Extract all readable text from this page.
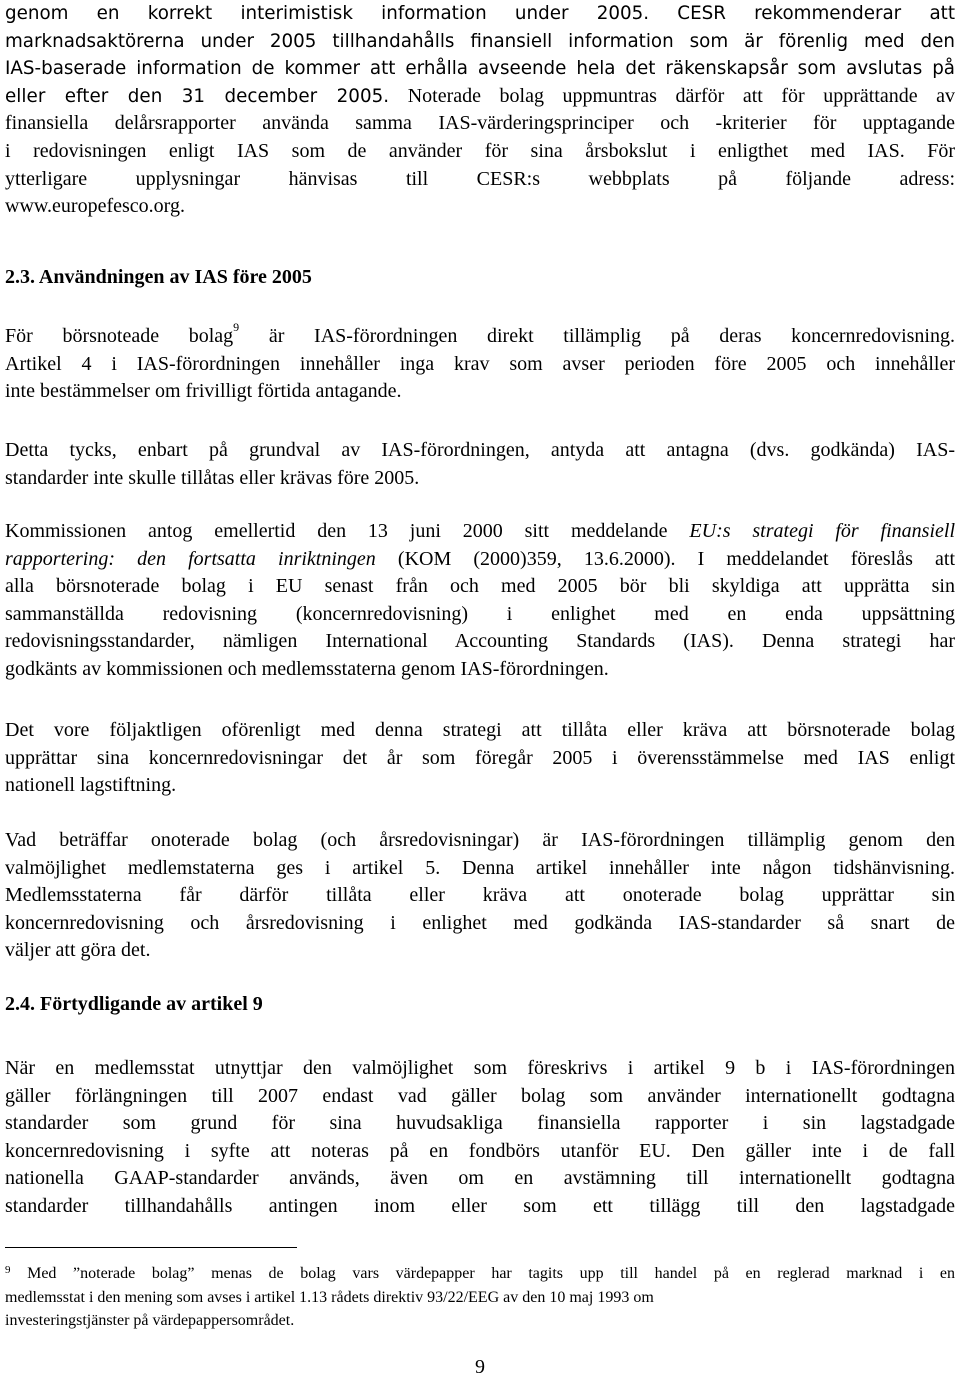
genom en korrekt interimistisk information under 2005. CESR rekommenderar att
marknadsaktörerna under 2005 tillhandahålls finansiell information som är förenlig med den
IAS-baserade information de kommer att erhålla avseende hela det räkenskapsår som avslutas på
eller efter den 31 december 2005. Noterade bolag uppmuntras därför att för upprättande av
finansiella delårsrapporter använda samma IAS-värderingsprinciper och -kriterier för upptagande
i redovisningen enligt IAS som de använder för sina årsbokslut i enligthet med IAS. För
ytterligare upplysningar hänvisas till CESR:s webbplats på följande adress:
www.europefesco.org.
2.3. Användningen av IAS före 2005
För börsnoteade bolag$^9$ är IAS-förordningen direkt tillämplig på deras koncernredovisning.
Artikel 4 i IAS-förordningen innehåller inga krav som avser perioden före 2005 och innehåller
inte bestämmelser om frivilligt förtida antagande.
Detta tycks, enbart på grundval av IAS-förordningen, antyda att antagna (dvs. godkända) IAS-
standarder inte skulle tillåtas eller krävas före 2005.
Kommissionen antog emellertid den 13 juni 2000 sitt meddelande EU:s strategi för finansiell
rapportering: den fortsatta inriktningen (KOM (2000)359, 13.6.2000). I meddelandet föreslås att
alla börsnoterade bolag i EU senast från och med 2005 bör bli skyldiga att upprätta sin
sammanställda redovisning (koncernredovisning) i enlighet med en enda uppsättning
redovisningsstandarder, nämligen International Accounting Standards (IAS). Denna strategi har
godkänts av kommissionen och medlemsstaterna genom IAS-förordningen.
Det vore följaktligen oförenligt med denna strategi att tillåta eller kräva att börsnoterade bolag
upprättar sina koncernredovisningar det år som föregår 2005 i överensstämmelse med IAS enligt
nationell lagstiftning.
Vad beträffar onoterade bolag (och årsredovisningar) är IAS-förordningen tillämplig genom den
valmöjlighet medlemstaterna ges i artikel 5. Denna artikel innehåller inte någon tidshänvisning.
Medlemsstaterna får därför tillåta eller kräva att onoterade bolag upprättar sin
koncernredovisning och årsredovisning i enlighet med godkända IAS-standarder så snart de
väljer att göra det.
2.4. Förtydligande av artikel 9
När en medlemsstat utnyttjar den valmöjlighet som föreskrivs i artikel 9 b i IAS-förordningen
gäller förlängningen till 2007 endast vad gäller bolag som använder internationellt godtagna
standarder som grund för sina huvudsakliga finansiella rapporter i sin lagstadgade
koncernredovisning i syfte att noteras på en fondbörs utanför EU. Den gäller inte i de fall
nationella GAAP-standarder används, även om en avstämning till internationellt godtagna
standarder tillhandahålls antingen inom eller som ett tillägg till den lagstadgade
$^9$ Med ”noterade bolag” menas de bolag vars värdepapper har tagits upp till handel på en reglerad marknad i en
medlemsstat i den mening som avses i artikel 1.13 rådets direktiv 93/22/EEG av den 10 maj 1993 om
investeringstjänster på värdepappersområdet.
9
